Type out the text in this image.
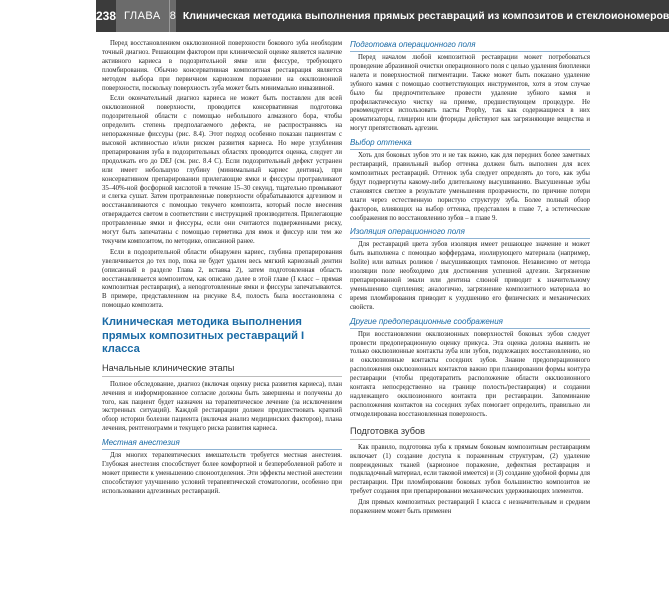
238 ГЛАВА 8 Клиническая методика выполнения прямых реставраций из композитов и стеклоиономеров

Перед восстановлением окклюзионной поверхности бокового зуба необходим точный диагноз. Решающим фактором при клинической оценке является наличие активного кариеса в подозрительной ямке или фиссуре, требующего пломбирования. Обычно консервативная композитная реставрация является методом выбора при первичном кариозном поражении на окклюзионной поверхности, поскольку поверхность зуба может быть минимально инвазивной.

Если окончательный диагноз кариеса не может быть поставлен для всей окклюзионной поверхности, проводится консервативная подготовка подозрительной области с помощью небольшого алмазного бора, чтобы определить степень предполагаемого дефекта, не распространяясь на непораженные фиссуры (рис. 8.4). Этот подход особенно показан пациентам с высокой активностью и/или риском развития кариеса. Но мере углубления препарирования зуба в подозрительных областях проводится оценка, следует ли продолжать его до DEJ (см. рис. 8.4 С). Если подозрительный дефект устранен или имеет небольшую глубину (минимальный кариес дентина), при консервативном препарировании прилегающие ямки и фиссуры протравливают 35–40%-ной фосфорной кислотой в течение 15–30 секунд, тщательно промывают и слегка сушат. Затем протравленные поверхности обрабатываются адгезивом и восстанавливаются с помощью текучего композита, который после внесения отверждается светом в соответствии с инструкцией производителя. Прилегающие протравленные ямки и фиссуры, если они считаются подверженными риску, могут быть запечатаны с помощью герметика для ямок и фиссур или тем же текучим композитом, по методике, описанной ранее.

Если в подозрительной области обнаружен кариес, глубина препарирования увеличивается до тех пор, пока не будет удален весь мягкий кариозный дентин (описанный в разделе Глава 2, вставка 2), затем подготовленная область восстанавливается композитом, как описано далее в этой главе (I класс – прямая композитная реставрация), а неподготовленные ямки и фиссуры запечатываются. В примере, представленном на рисунке 8.4, полость была восстановлена с помощью композита.

Клиническая методика выполнения прямых композитных реставраций I класса
Начальные клинические этапы

Полное обследование, диагноз (включая оценку риска развития кариеса), план лечения и информированное согласие должны быть завершены и получены до того, как пациент будет назначен на терапевтическое лечение (за исключением экстренных ситуаций). Каждой реставрации должен предшествовать краткий обзор истории болезни пациента (включая анализ медицинских факторов), плана лечения, рентгенограмм и текущего риска развития кариеса.

Местная анестезия

Для многих терапевтических вмешательств требуется местная анестезия. Глубокая анестезия способствует более комфортной и безпереболевной работе и может привести к уменьшению слюноотделения. Эти эффекты местной анестезии способствуют улучшению условий терапевтической стоматологии, особенно при использовании адгезивных реставраций.

Подготовка операционного поля

Перед началом любой композитной реставрации может потребоваться проведение абразивной очистки операционного поля с целью удаления биопленки налета и поверхностной пигментации. Также может быть показано удаление зубного камня с помощью соответствующих инструментов, хотя в этом случае было бы предпочтительнее провести удаление зубного камня и профилактическую чистку на приеме, предшествующем процедуре. Не рекомендуется использовать пасты Prophy, так как содержащиеся в них ароматизаторы, глицерин или фториды действуют как загрязняющие вещества и могут препятствовать адгезии.

Выбор оттенка

Хоть для боковых зубов это и не так важно, как для передних более заметных реставраций, правильный выбор оттенка должен быть выполнен для всех композитных реставраций. Оттенок зуба следует определять до того, как зубы будут подвергнуты какому-либо длительному высушиванию. Высушенные зубы становятся светлее в результате уменьшения прозрачности, по причине потери влаги через естественную пористую структуру зуба. Более полный обзор факторов, влияющих на выбор оттенка, представлен в главе 7, а эстетические соображения по восстановлению зубов – в главе 9.

Изоляция операционного поля

Для реставраций цвета зубов изоляция имеет решающее значение и может быть выполнена с помощью коффердама, изолирующего материала (например, Isolite) или ватных роликов / высушивающих тампонов. Независимо от метода изоляции поле необходимо для достижения успешной адгезии. Загрязнение препарированной эмали или дентина слюной приводит к значительному уменьшению сцепления; аналогично, загрязнение композитного материала во время пломбирования приводит к ухудшению его физических и механических свойств.

Другие предоперационные соображения

При восстановлении окклюзионных поверхностей боковых зубов следует провести предоперационную оценку прикуса. Эта оценка должна выявить не только окклюзионные контакты зуба или зубов, подлежащих восстановлению, но и окклюзионные контакты соседних зубов. Знание предоперационного расположения окклюзионных контактов важно при планировании формы контура реставрации (чтобы предотвратить расположение области окклюзионного контакта непосредственно на границе полость/реставрация) и создании надлежащего окклюзионного контакта при реставрации. Запоминание расположения контактов на соседних зубах помогает определить, правильно ли отмоделирована восстановленная поверхность.

Подготовка зубов

Как правило, подготовка зуба к прямым боковым композитным реставрациям включает (1) создание доступа к пораженным структурам, (2) удаление поврежденных тканей (кариозное поражение, дефектная реставрация и подкладочный материал, если таковой имеется) и (3) создание удобной формы для реставрации. При пломбировании боковых зубов большинство композитов не требует создания при препарировании механических удерживающих элементов.

Для прямых композитных реставраций I класса с незначительным и средним поражением может быть применен
